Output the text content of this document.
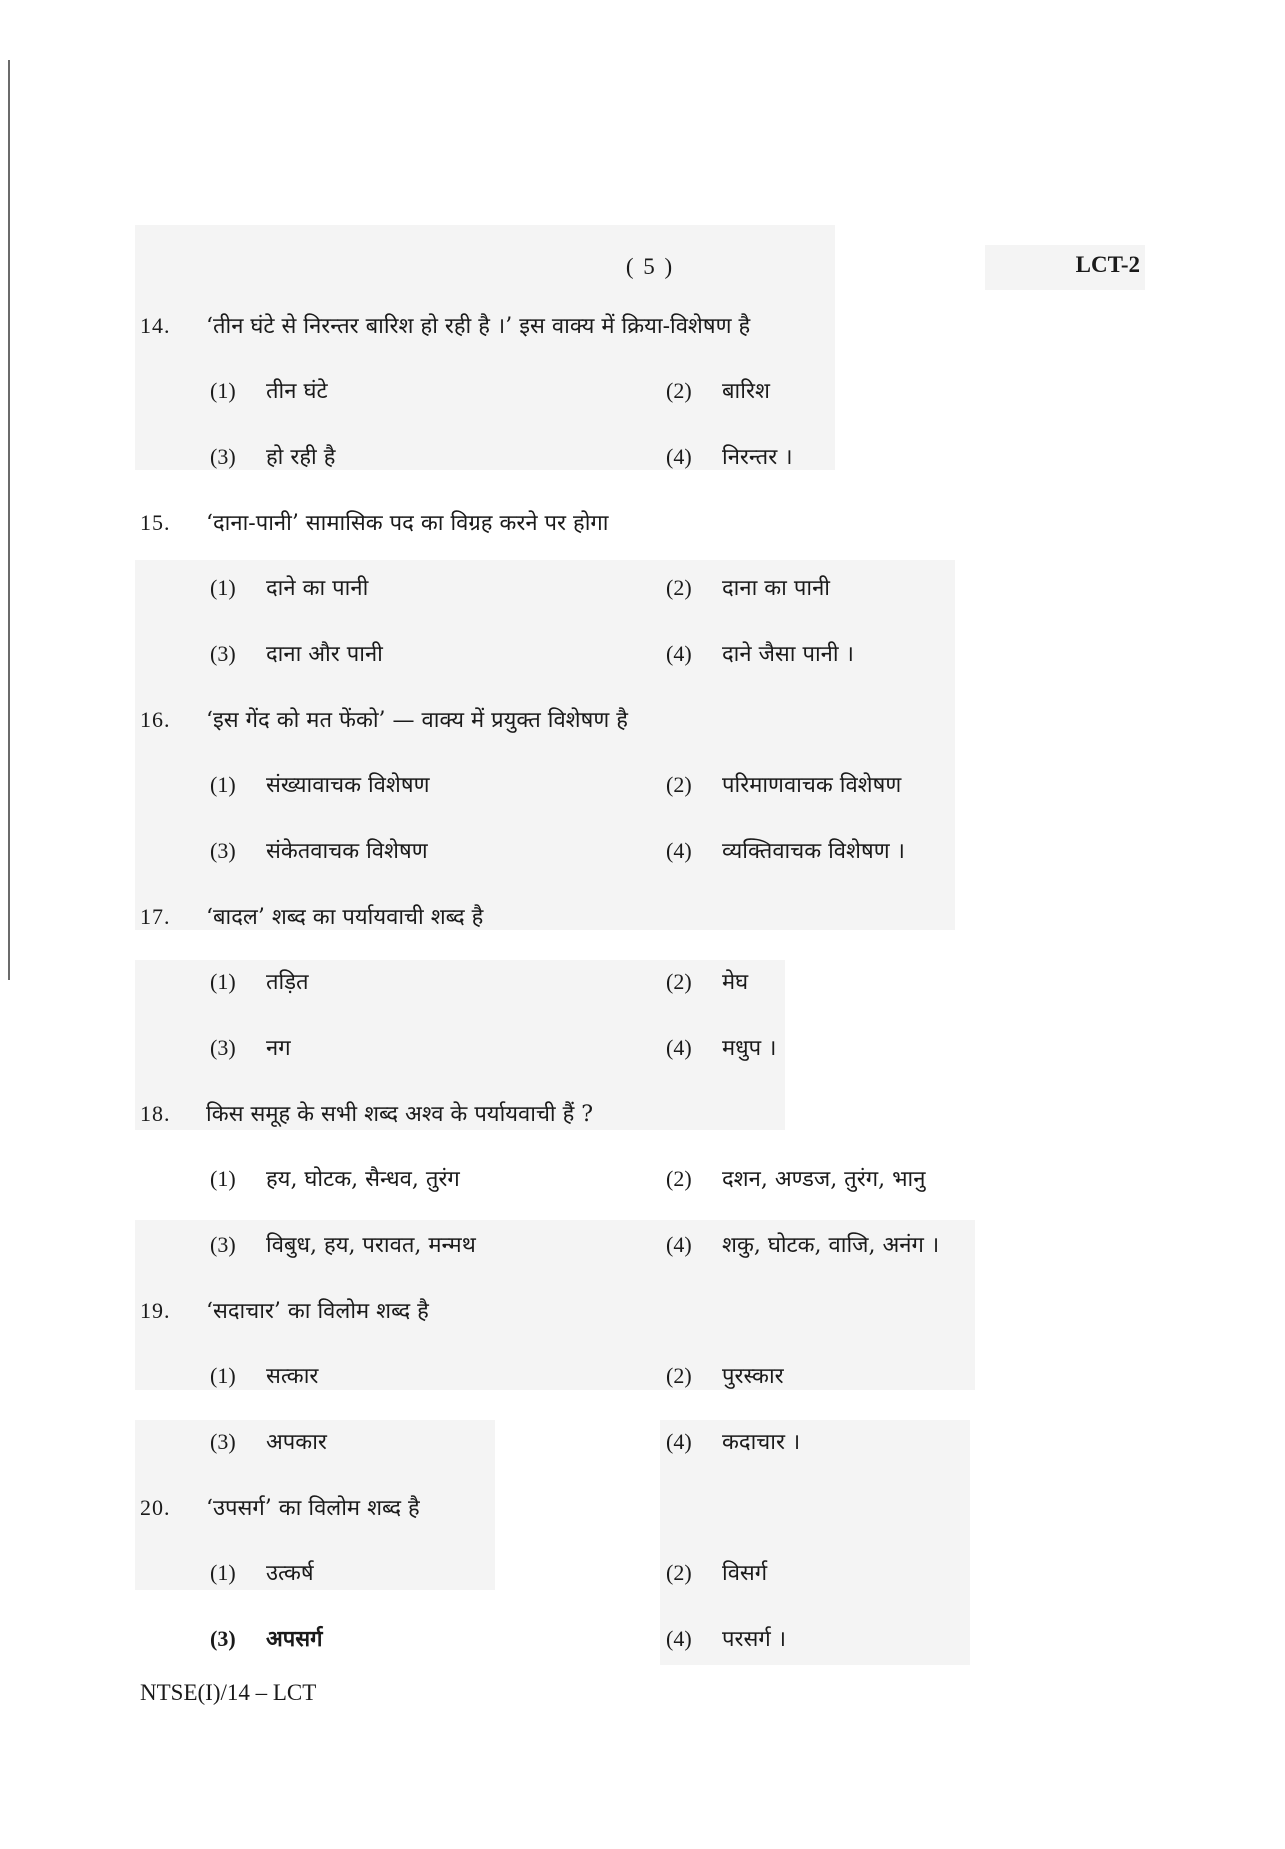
( 5 )	LCT-2
14. ‘तीन घंटे से निरन्तर बारिश हो रही है ।’ इस वाक्य में क्रिया-विशेषण है
(1) तीन घंटे	(2) बारिश
(3) हो रही है	(4) निरन्तर ।
15. ‘दाना-पानी’ सामासिक पद का विग्रह करने पर होगा
(1) दाने का पानी	(2) दाना का पानी
(3) दाना और पानी	(4) दाने जैसा पानी ।
16. ‘इस गेंद को मत फेंको’ — वाक्य में प्रयुक्त विशेषण है
(1) संख्यावाचक विशेषण	(2) परिमाणवाचक विशेषण
(3) संकेतवाचक विशेषण	(4) व्यक्तिवाचक विशेषण ।
17. ‘बादल’ शब्द का पर्यायवाची शब्द है
(1) तड़ित	(2) मेघ
(3) नग	(4) मधुप ।
18. किस समूह के सभी शब्द अश्व के पर्यायवाची हैं ?
(1) हय, घोटक, सैन्धव, तुरंग	(2) दशन, अण्डज, तुरंग, भानु
(3) विबुध, हय, परावत, मन्मथ	(4) शकु, घोटक, वाजि, अनंग ।
19. ‘सदाचार’ का विलोम शब्द है
(1) सत्कार	(2) पुरस्कार
(3) अपकार	(4) कदाचार ।
20. ‘उपसर्ग’ का विलोम शब्द है
(1) उत्कर्ष	(2) विसर्ग
(3) अपसर्ग	(4) परसर्ग ।
NTSE(I)/14 – LCT
